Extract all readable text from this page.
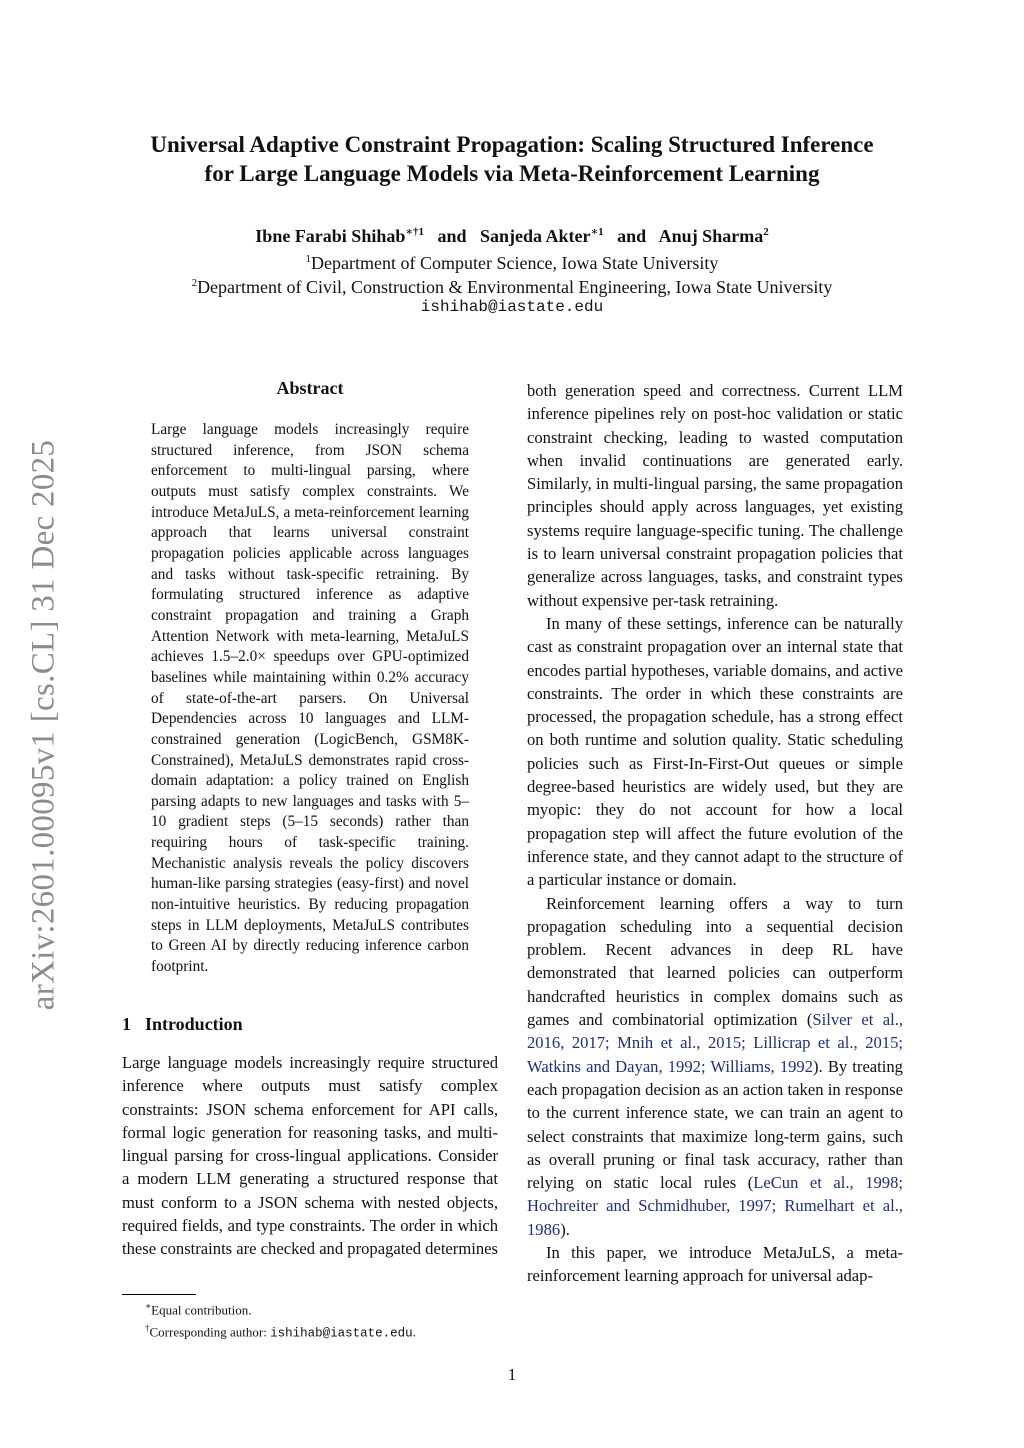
Universal Adaptive Constraint Propagation: Scaling Structured Inference
for Large Language Models via Meta-Reinforcement Learning
Ibne Farabi Shihab$^{∗\dagger 1}$ and Sanjeda Akter$^{∗1}$ and Anuj Sharma$^2$
$^1$Department of Computer Science, Iowa State University
$^2$Department of Civil, Construction & Environmental Engineering, Iowa State University
ishihab@iastate.edu
arXiv:2601.00095v1 [cs.CL] 31 Dec 2025
Abstract
Large language models increasingly require structured inference, from JSON schema enforcement to multi-lingual parsing, where outputs must satisfy complex constraints. We introduce MetaJuLS, a meta-reinforcement learning approach that learns universal constraint propagation policies applicable across languages and tasks without task-specific retraining. By formulating structured inference as adaptive constraint propagation and training a Graph Attention Network with meta-learning, MetaJuLS achieves 1.5–2.0× speedups over GPU-optimized baselines while maintaining within 0.2% accuracy of state-of-the-art parsers. On Universal Dependencies across 10 languages and LLM-constrained generation (LogicBench, GSM8K-Constrained), MetaJuLS demonstrates rapid cross-domain adaptation: a policy trained on English parsing adapts to new languages and tasks with 5–10 gradient steps (5–15 seconds) rather than requiring hours of task-specific training. Mechanistic analysis reveals the policy discovers human-like parsing strategies (easy-first) and novel non-intuitive heuristics. By reducing propagation steps in LLM deployments, MetaJuLS contributes to Green AI by directly reducing inference carbon footprint.
1 Introduction
Large language models increasingly require structured inference where outputs must satisfy complex constraints: JSON schema enforcement for API calls, formal logic generation for reasoning tasks, and multi-lingual parsing for cross-lingual applications. Consider a modern LLM generating a structured response that must conform to a JSON schema with nested objects, required fields, and type constraints. The order in which these constraints are checked and propagated determines
∗Equal contribution.
†Corresponding author: ishihab@iastate.edu.

both generation speed and correctness. Current LLM inference pipelines rely on post-hoc validation or static constraint checking, leading to wasted computation when invalid continuations are generated early. Similarly, in multi-lingual parsing, the same propagation principles should apply across languages, yet existing systems require language-specific tuning. The challenge is to learn universal constraint propagation policies that generalize across languages, tasks, and constraint types without expensive per-task retraining.

In many of these settings, inference can be naturally cast as constraint propagation over an internal state that encodes partial hypotheses, variable domains, and active constraints. The order in which these constraints are processed, the propagation schedule, has a strong effect on both runtime and solution quality. Static scheduling policies such as First-In-First-Out queues or simple degree-based heuristics are widely used, but they are myopic: they do not account for how a local propagation step will affect the future evolution of the inference state, and they cannot adapt to the structure of a particular instance or domain.

Reinforcement learning offers a way to turn propagation scheduling into a sequential decision problem. Recent advances in deep RL have demonstrated that learned policies can outperform handcrafted heuristics in complex domains such as games and combinatorial optimization (Silver et al., 2016, 2017; Mnih et al., 2015; Lillicrap et al., 2015; Watkins and Dayan, 1992; Williams, 1992). By treating each propagation decision as an action taken in response to the current inference state, we can train an agent to select constraints that maximize long-term gains, such as overall pruning or final task accuracy, rather than relying on static local rules (LeCun et al., 1998; Hochreiter and Schmidhuber, 1997; Rumelhart et al., 1986).

In this paper, we introduce MetaJuLS, a meta-reinforcement learning approach for universal adap-

1
